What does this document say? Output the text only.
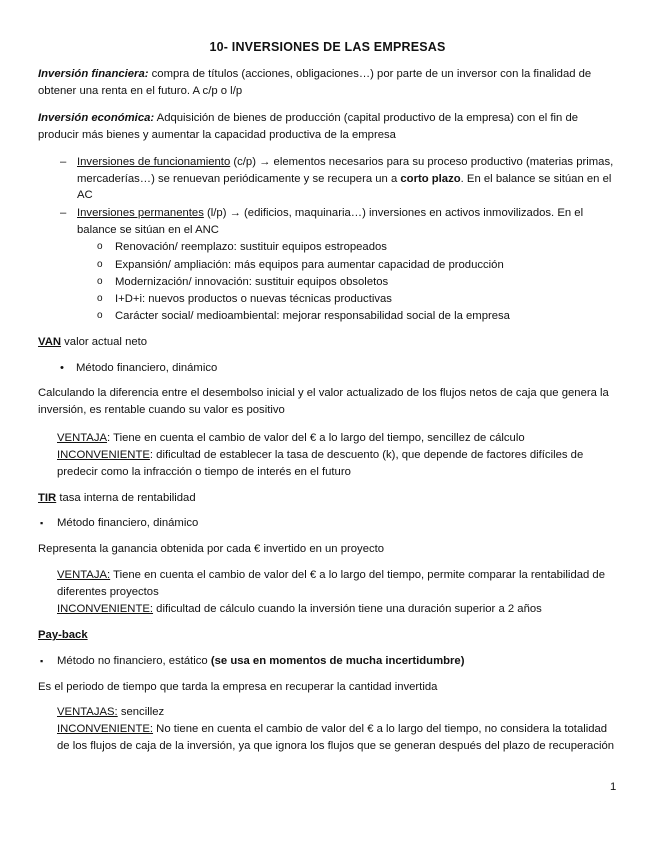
10- INVERSIONES DE LAS EMPRESAS
Inversión financiera: compra de títulos (acciones, obligaciones…) por parte de un inversor con la finalidad de obtener una renta en el futuro. A c/p o l/p
Inversión económica: Adquisición de bienes de producción (capital productivo de la empresa) con el fin de producir más bienes y aumentar la capacidad productiva de la empresa
– Inversiones de funcionamiento (c/p) → elementos necesarios para su proceso productivo (materias primas, mercaderías…) se renuevan periódicamente y se recupera un a corto plazo. En el balance se sitúan en el AC
– Inversiones permanentes (l/p) → (edificios, maquinaria…) inversiones en activos inmovilizados. En el balance se sitúan en el ANC
o Renovación/ reemplazo: sustituir equipos estropeados
o Expansión/ ampliación: más equipos para aumentar capacidad de producción
o Modernización/ innovación: sustituir equipos obsoletos
o I+D+i: nuevos productos o nuevas técnicas productivas
o Carácter social/ medioambiental: mejorar responsabilidad social de la empresa
VAN valor actual neto
• Método financiero, dinámico
Calculando la diferencia entre el desembolso inicial y el valor actualizado de los flujos netos de caja que genera la inversión, es rentable cuando su valor es positivo
VENTAJA: Tiene en cuenta el cambio de valor del € a lo largo del tiempo, sencillez de cálculo
INCONVENIENTE: dificultad de establecer la tasa de descuento (k), que depende de factores difíciles de predecir como la infracción o tiempo de interés en el futuro
TIR tasa interna de rentabilidad
▪ Método financiero, dinámico
Representa la ganancia obtenida por cada € invertido en un proyecto
VENTAJA: Tiene en cuenta el cambio de valor del € a lo largo del tiempo, permite comparar la rentabilidad de diferentes proyectos
INCONVENIENTE: dificultad de cálculo cuando la inversión tiene una duración superior a 2 años
Pay-back
▪ Método no financiero, estático (se usa en momentos de mucha incertidumbre)
Es el periodo de tiempo que tarda la empresa en recuperar la cantidad invertida
VENTAJAS: sencillez
INCONVENIENTE: No tiene en cuenta el cambio de valor del € a lo largo del tiempo, no considera la totalidad de los flujos de caja de la inversión, ya que ignora los flujos que se generan después del plazo de recuperación
1
